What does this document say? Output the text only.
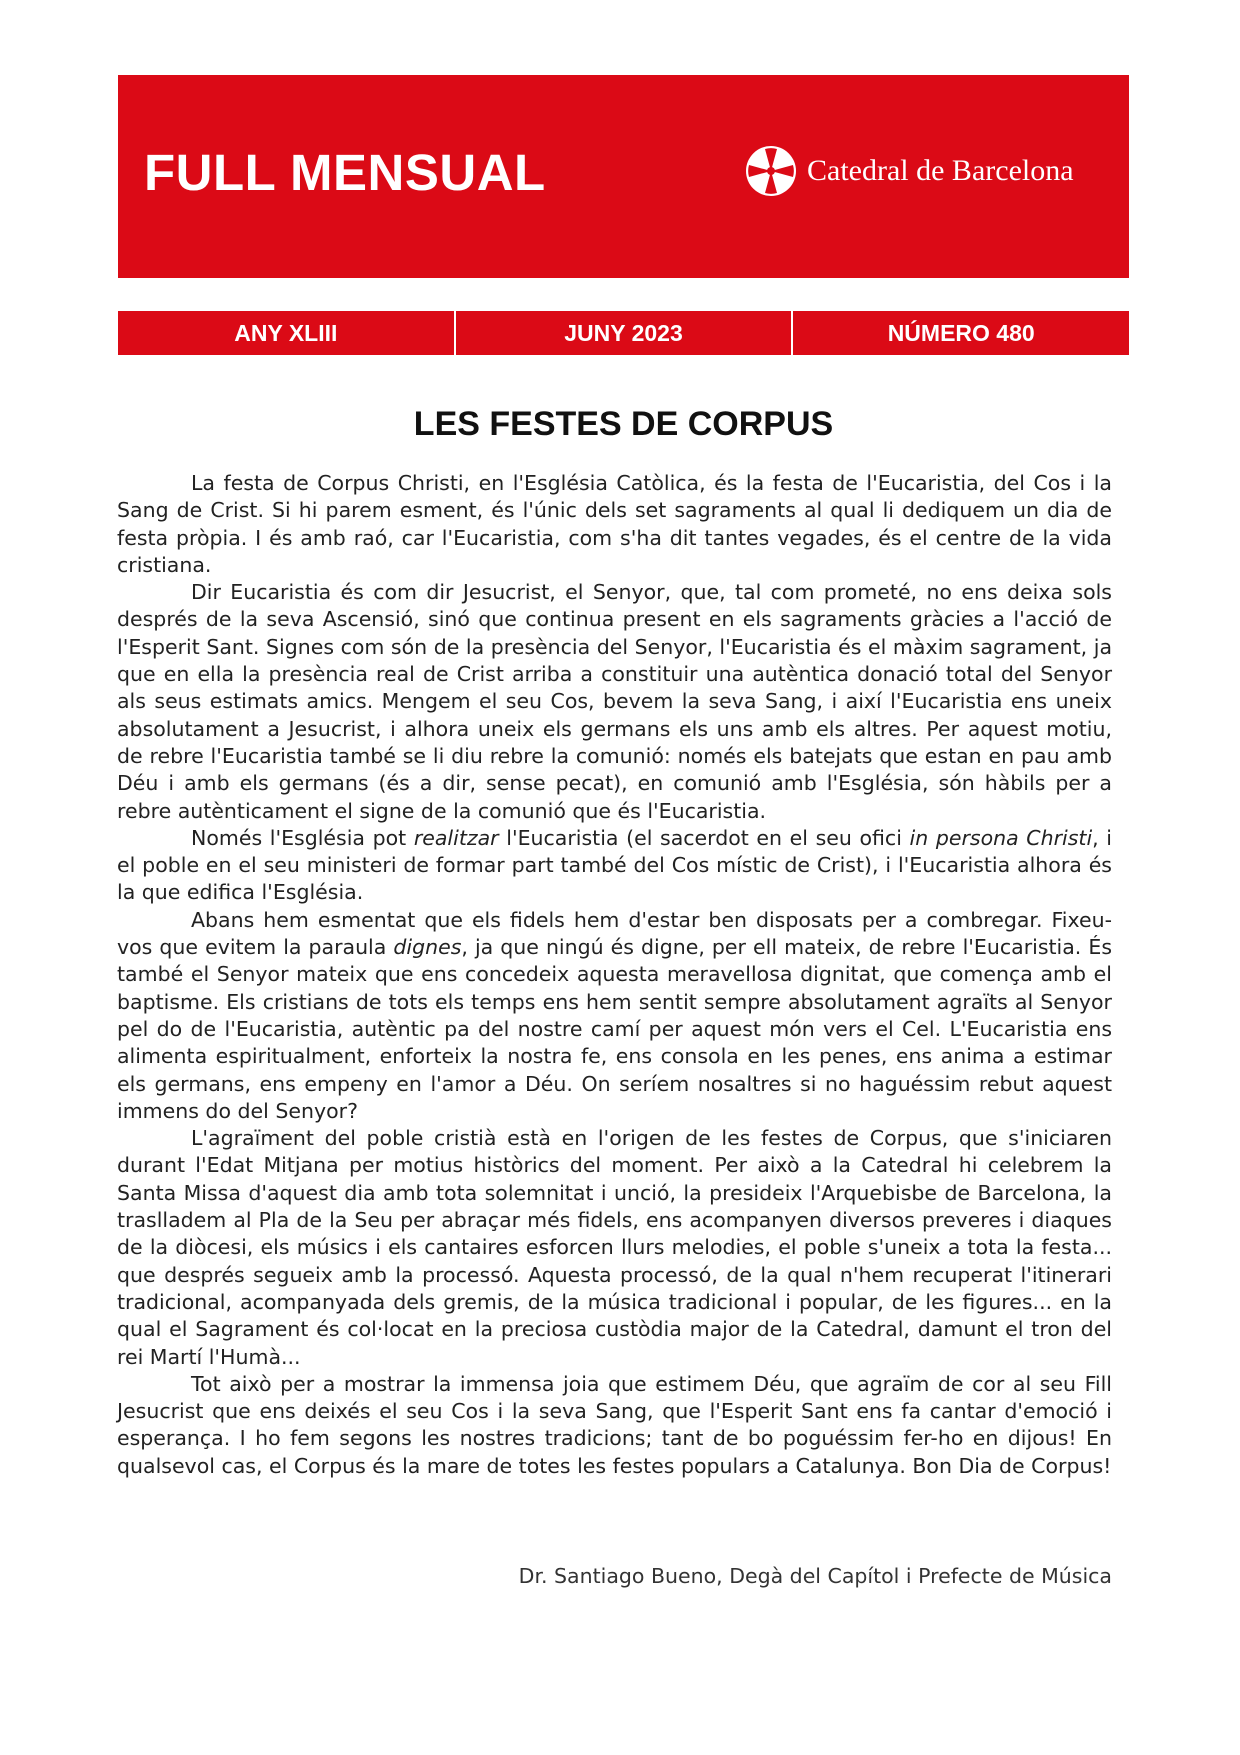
FULL MENSUAL	Catedral de Barcelona
ANY XLIII	JUNY 2023	NÚMERO 480
LES FESTES DE CORPUS

La festa de Corpus Christi, en l'Església Catòlica, és la festa de l'Eucaristia, del Cos i la Sang de Crist. Si hi parem esment, és l'únic dels set sagraments al qual li dediquem un dia de festa pròpia. I és amb raó, car l'Eucaristia, com s'ha dit tantes vegades, és el centre de la vida cristiana.

Dir Eucaristia és com dir Jesucrist, el Senyor, que, tal com prometé, no ens deixa sols després de la seva Ascensió, sinó que continua present en els sagraments gràcies a l'acció de l'Esperit Sant. Signes com són de la presència del Senyor, l'Eucaristia és el màxim sagrament, ja que en ella la presència real de Crist arriba a constituir una autèntica donació total del Senyor als seus estimats amics. Mengem el seu Cos, bevem la seva Sang, i així l'Eucaristia ens uneix absolutament a Jesucrist, i alhora uneix els germans els uns amb els altres. Per aquest motiu, de rebre l'Eucaristia també se li diu rebre la comunió: només els batejats que estan en pau amb Déu i amb els germans (és a dir, sense pecat), en comunió amb l'Església, són hàbils per a rebre autènticament el signe de la comunió que és l'Eucaristia.

Només l'Església pot realitzar l'Eucaristia (el sacerdot en el seu ofici in persona Christi, i el poble en el seu ministeri de formar part també del Cos místic de Crist), i l'Eucaristia alhora és la que edifica l'Església.

Abans hem esmentat que els fidels hem d'estar ben disposats per a combregar. Fixeu-vos que evitem la paraula dignes, ja que ningú és digne, per ell mateix, de rebre l'Eucaristia. És també el Senyor mateix que ens concedeix aquesta meravellosa dignitat, que comença amb el baptisme. Els cristians de tots els temps ens hem sentit sempre absolutament agraïts al Senyor pel do de l'Eucaristia, autèntic pa del nostre camí per aquest món vers el Cel. L'Eucaristia ens alimenta espiritualment, enforteix la nostra fe, ens consola en les penes, ens anima a estimar els germans, ens empeny en l'amor a Déu. On seríem nosaltres si no haguéssim rebut aquest immens do del Senyor?

L'agraïment del poble cristià està en l'origen de les festes de Corpus, que s'iniciaren durant l'Edat Mitjana per motius històrics del moment. Per això a la Catedral hi celebrem la Santa Missa d'aquest dia amb tota solemnitat i unció, la presideix l'Arquebisbe de Barcelona, la traslladem al Pla de la Seu per abraçar més fidels, ens acompanyen diversos preveres i diaques de la diòcesi, els músics i els cantaires esforcen llurs melodies, el poble s'uneix a tota la festa... que després segueix amb la processó. Aquesta processó, de la qual n'hem recuperat l'itinerari tradicional, acompanyada dels gremis, de la música tradicional i popular, de les figures... en la qual el Sagrament és col·locat en la preciosa custòdia major de la Catedral, damunt el tron del rei Martí l'Humà...

Tot això per a mostrar la immensa joia que estimem Déu, que agraïm de cor al seu Fill Jesucrist que ens deixés el seu Cos i la seva Sang, que l'Esperit Sant ens fa cantar d'emoció i esperança. I ho fem segons les nostres tradicions; tant de bo poguéssim fer-ho en dijous! En qualsevol cas, el Corpus és la mare de totes les festes populars a Catalunya. Bon Dia de Corpus!

Dr. Santiago Bueno, Degà del Capítol i Prefecte de Música
